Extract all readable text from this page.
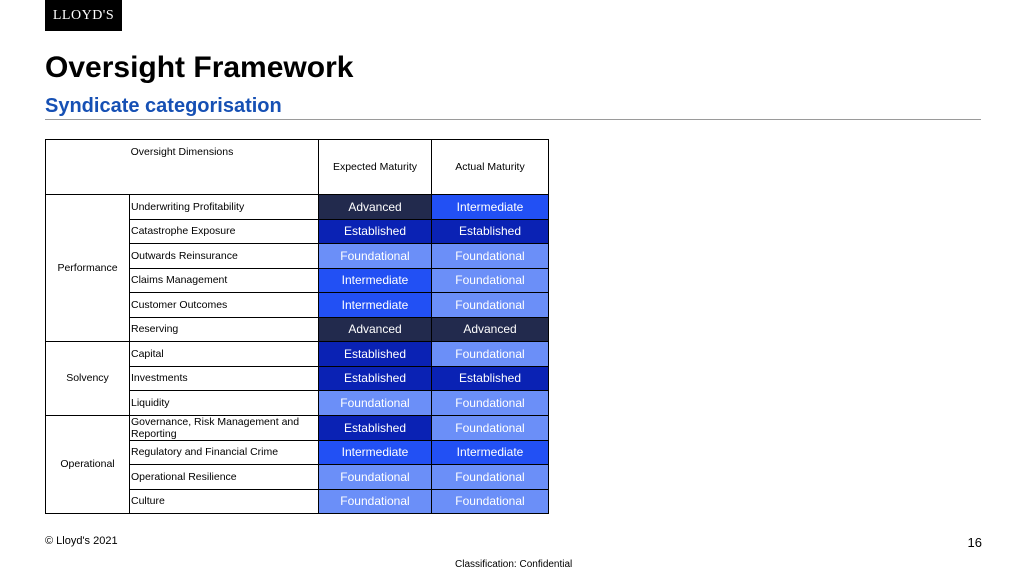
LLOYD'S
Oversight Framework
Syndicate categorisation
Oversight Dimensions		Expected Maturity	Actual Maturity
Performance	Underwriting Profitability	Advanced	Intermediate
	Catastrophe Exposure	Established	Established
	Outwards Reinsurance	Foundational	Foundational
	Claims Management	Intermediate	Foundational
	Customer Outcomes	Intermediate	Foundational
	Reserving	Advanced	Advanced
Solvency	Capital	Established	Foundational
	Investments	Established	Established
	Liquidity	Foundational	Foundational
Operational	Governance, Risk Management and Reporting	Established	Foundational
	Regulatory and Financial Crime	Intermediate	Intermediate
	Operational Resilience	Foundational	Foundational
	Culture	Foundational	Foundational
© Lloyd's 2021	16
Classification: Confidential
